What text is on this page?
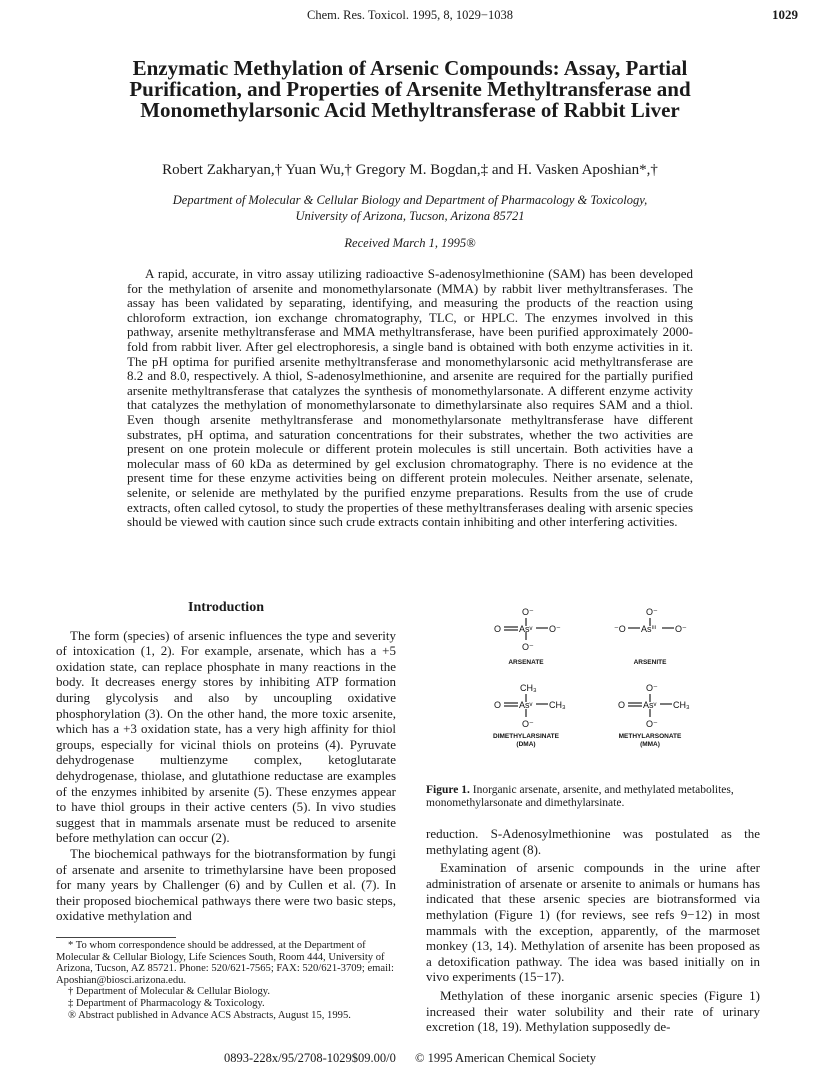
Chem. Res. Toxicol. 1995, 8, 1029−1038	1029
Enzymatic Methylation of Arsenic Compounds: Assay, Partial Purification, and Properties of Arsenite Methyltransferase and Monomethylarsonic Acid Methyltransferase of Rabbit Liver
Robert Zakharyan,† Yuan Wu,† Gregory M. Bogdan,‡ and H. Vasken Aposhian*,†
Department of Molecular & Cellular Biology and Department of Pharmacology & Toxicology,
University of Arizona, Tucson, Arizona 85721
Received March 1, 1995®

A rapid, accurate, in vitro assay utilizing radioactive S-adenosylmethionine (SAM) has been developed for the methylation of arsenite and monomethylarsonate (MMA) by rabbit liver methyltransferases. The assay has been validated by separating, identifying, and measuring the products of the reaction using chloroform extraction, ion exchange chromatography, TLC, or HPLC. The enzymes involved in this pathway, arsenite methyltransferase and MMA methyltransferase, have been purified approximately 2000-fold from rabbit liver. After gel electrophoresis, a single band is obtained with both enzyme activities in it. The pH optima for purified arsenite methyltransferase and monomethylarsonic acid methyltransferase are 8.2 and 8.0, respectively. A thiol, S-adenosylmethionine, and arsenite are required for the partially purified arsenite methyltransferase that catalyzes the synthesis of monomethylarsonate. A different enzyme activity that catalyzes the methylation of monomethylarsonate to dimethylarsinate also requires SAM and a thiol. Even though arsenite methyltransferase and monomethylarsonate methyltransferase have different substrates, pH optima, and saturation concentrations for their substrates, whether the two activities are present on one protein molecule or different protein molecules is still uncertain. Both activities have a molecular mass of 60 kDa as determined by gel exclusion chromatography. There is no evidence at the present time for these enzyme activities being on different protein molecules. Neither arsenate, selenate, selenite, or selenide are methylated by the purified enzyme preparations. Results from the use of crude extracts, often called cytosol, to study the properties of these methyltransferases dealing with arsenic species should be viewed with caution since such crude extracts contain inhibiting and other interfering activities.

Introduction

The form (species) of arsenic influences the type and severity of intoxication (1, 2). For example, arsenate, which has a +5 oxidation state, can replace phosphate in many reactions in the body. It decreases energy stores by inhibiting ATP formation during glycolysis and also by uncoupling oxidative phosphorylation (3). On the other hand, the more toxic arsenite, which has a +3 oxidation state, has a very high affinity for thiol groups, especially for vicinal thiols on proteins (4). Pyruvate dehydrogenase multienzyme complex, ketoglutarate dehydrogenase, thiolase, and glutathione reductase are examples of the enzymes inhibited by arsenite (5). These enzymes appear to have thiol groups in their active centers (5). In vivo studies suggest that in mammals arsenate must be reduced to arsenite before methylation can occur (2).

The biochemical pathways for the biotransformation by fungi of arsenate and arsenite to trimethylarsine have been proposed for many years by Challenger (6) and by Cullen et al. (7). In their proposed biochemical pathways there were two basic steps, oxidative methylation and

O⁻
O Asᵛ O⁻
O⁻
O⁻
⁻O Asⁱⁱⁱ O⁻
CH₃
O Asᵛ CH₃
O⁻
O⁻
O Asᵛ CH₃
O⁻
ARSENATE	ARSENITE
DIMETHYLARSINATE
(DMA)
METHYLARSONATE
(MMA)
Figure 1. Inorganic arsenate, arsenite, and methylated metabolites, monomethylarsonate and dimethylarsinate.

reduction. S-Adenosylmethionine was postulated as the methylating agent (8).

Examination of arsenic compounds in the urine after administration of arsenate or arsenite to animals or humans has indicated that these arsenic species are biotransformed via methylation (Figure 1) (for reviews, see refs 9−12) in most mammals with the exception, apparently, of the marmoset monkey (13, 14). Methylation of arsenite has been proposed as a detoxification pathway. The idea was based initially on in vivo experiments (15−17).

Methylation of these inorganic arsenic species (Figure 1) increased their water solubility and their rate of urinary excretion (18, 19). Methylation supposedly de-

* To whom correspondence should be addressed, at the Department of Molecular & Cellular Biology, Life Sciences South, Room 444, University of Arizona, Tucson, AZ 85721. Phone: 520/621-7565; FAX: 520/621-3709; email: Aposhian@biosci.arizona.edu.
† Department of Molecular & Cellular Biology.
‡ Department of Pharmacology & Toxicology.
® Abstract published in Advance ACS Abstracts, August 15, 1995.
0893-228x/95/2708-1029$09.00/0 © 1995 American Chemical Society
